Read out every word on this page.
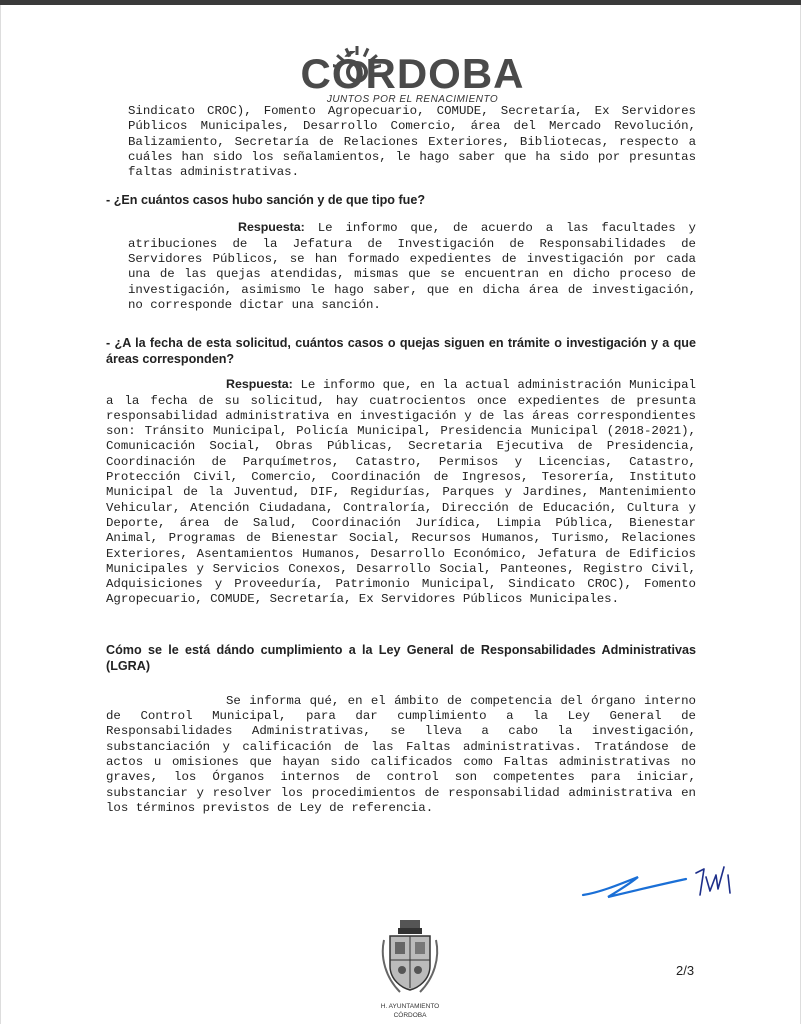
CÓRDOBA
JUNTOS POR EL RENACIMIENTO

Sindicato CROC), Fomento Agropecuario, COMUDE, Secretaría, Ex Servidores Públicos Municipales, Desarrollo Comercio, área del Mercado Revolución, Balizamiento, Secretaría de Relaciones Exteriores, Bibliotecas, respecto a cuáles han sido los señalamientos, le hago saber que ha sido por presuntas faltas administrativas.

- ¿En cuántos casos hubo sanción y de que tipo fue?

Respuesta: Le informo que, de acuerdo a las facultades y atribuciones de la Jefatura de Investigación de Responsabilidades de Servidores Públicos, se han formado expedientes de investigación por cada una de las quejas atendidas, mismas que se encuentran en dicho proceso de investigación, asimismo le hago saber, que en dicha área de investigación, no corresponde dictar una sanción.

- ¿A la fecha de esta solicitud, cuántos casos o quejas siguen en trámite o investigación y a que áreas corresponden?

Respuesta: Le informo que, en la actual administración Municipal a la fecha de su solicitud, hay cuatrocientos once expedientes de presunta responsabilidad administrativa en investigación y de las áreas correspondientes son: Tránsito Municipal, Policía Municipal, Presidencia Municipal (2018-2021), Comunicación Social, Obras Públicas, Secretaria Ejecutiva de Presidencia, Coordinación de Parquímetros, Catastro, Permisos y Licencias, Catastro, Protección Civil, Comercio, Coordinación de Ingresos, Tesorería, Instituto Municipal de la Juventud, DIF, Regidurías, Parques y Jardines, Mantenimiento Vehicular, Atención Ciudadana, Contraloría, Dirección de Educación, Cultura y Deporte, área de Salud, Coordinación Jurídica, Limpia Pública, Bienestar Animal, Programas de Bienestar Social, Recursos Humanos, Turismo, Relaciones Exteriores, Asentamientos Humanos, Desarrollo Económico, Jefatura de Edificios Municipales y Servicios Conexos, Desarrollo Social, Panteones, Registro Civil, Adquisiciones y Proveeduría, Patrimonio Municipal, Sindicato CROC), Fomento Agropecuario, COMUDE, Secretaría, Ex Servidores Públicos Municipales.

Cómo se le está dándo cumplimiento a la Ley General de Responsabilidades Administrativas (LGRA)

Se informa qué, en el ámbito de competencia del órgano interno de Control Municipal, para dar cumplimiento a la Ley General de Responsabilidades Administrativas, se lleva a cabo la investigación, substanciación y calificación de las Faltas administrativas. Tratándose de actos u omisiones que hayan sido calificados como Faltas administrativas no graves, los Órganos internos de control son competentes para iniciar, substanciar y resolver los procedimientos de responsabilidad administrativa en los términos previstos de Ley de referencia.

H. AYUNTAMIENTO
CÓRDOBA
2/3
